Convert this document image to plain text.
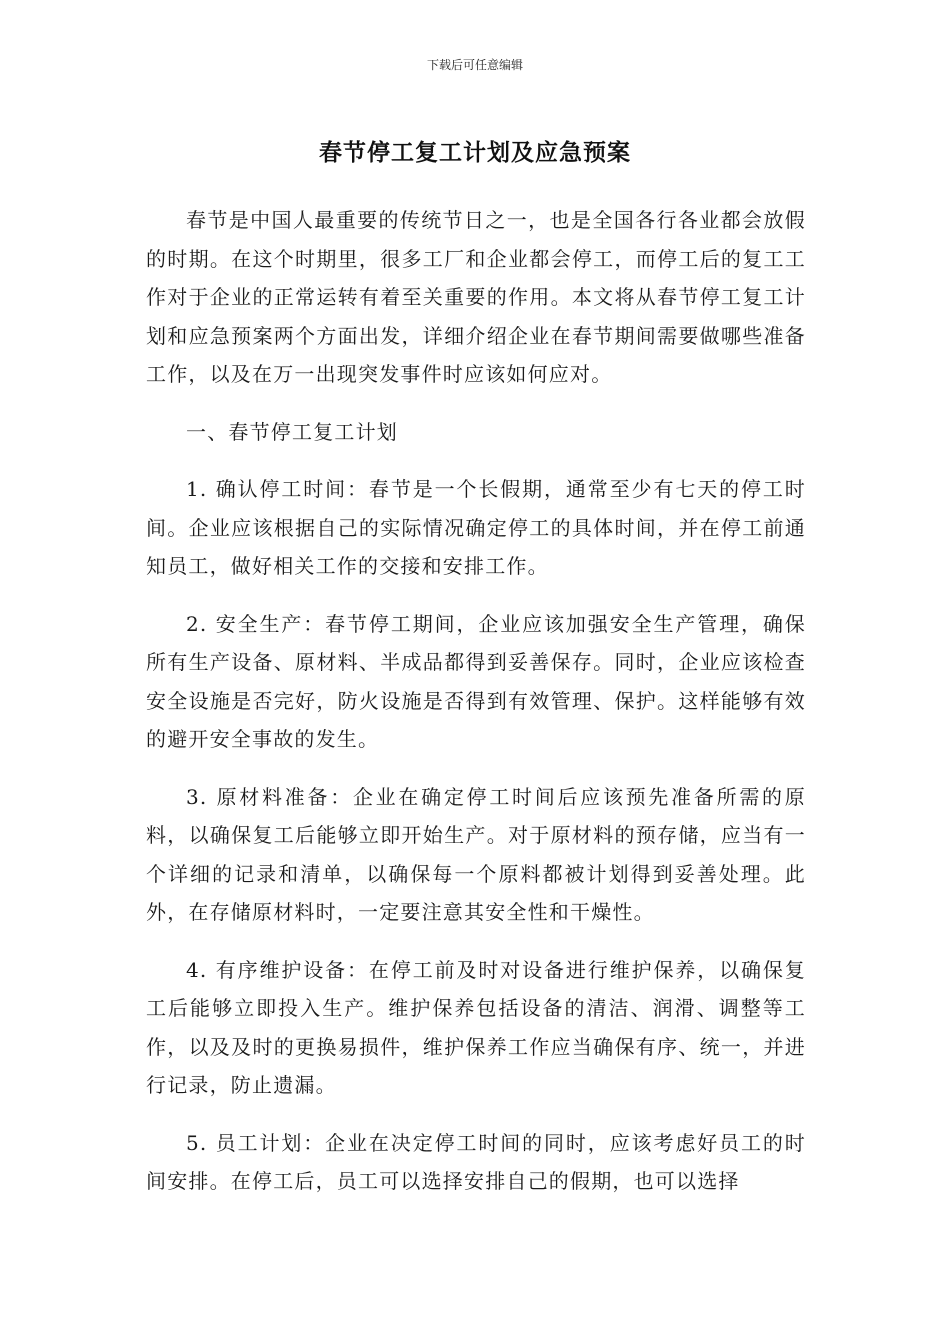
下载后可任意编辑
春节停工复工计划及应急预案

春节是中国人最重要的传统节日之一，也是全国各行各业都会放假的时期。在这个时期里，很多工厂和企业都会停工，而停工后的复工工作对于企业的正常运转有着至关重要的作用。本文将从春节停工复工计划和应急预案两个方面出发，详细介绍企业在春节期间需要做哪些准备工作，以及在万一出现突发事件时应该如何应对。

一、春节停工复工计划

1. 确认停工时间：春节是一个长假期，通常至少有七天的停工时间。企业应该根据自己的实际情况确定停工的具体时间，并在停工前通知员工，做好相关工作的交接和安排工作。

2. 安全生产：春节停工期间，企业应该加强安全生产管理，确保所有生产设备、原材料、半成品都得到妥善保存。同时，企业应该检查安全设施是否完好，防火设施是否得到有效管理、保护。这样能够有效的避开安全事故的发生。

3. 原材料准备：企业在确定停工时间后应该预先准备所需的原料，以确保复工后能够立即开始生产。对于原材料的预存储，应当有一个详细的记录和清单，以确保每一个原料都被计划得到妥善处理。此外，在存储原材料时，一定要注意其安全性和干燥性。

4. 有序维护设备：在停工前及时对设备进行维护保养，以确保复工后能够立即投入生产。维护保养包括设备的清洁、润滑、调整等工作，以及及时的更换易损件，维护保养工作应当确保有序、统一，并进行记录，防止遗漏。

5. 员工计划：企业在决定停工时间的同时，应该考虑好员工的时间安排。在停工后，员工可以选择安排自己的假期，也可以选择
